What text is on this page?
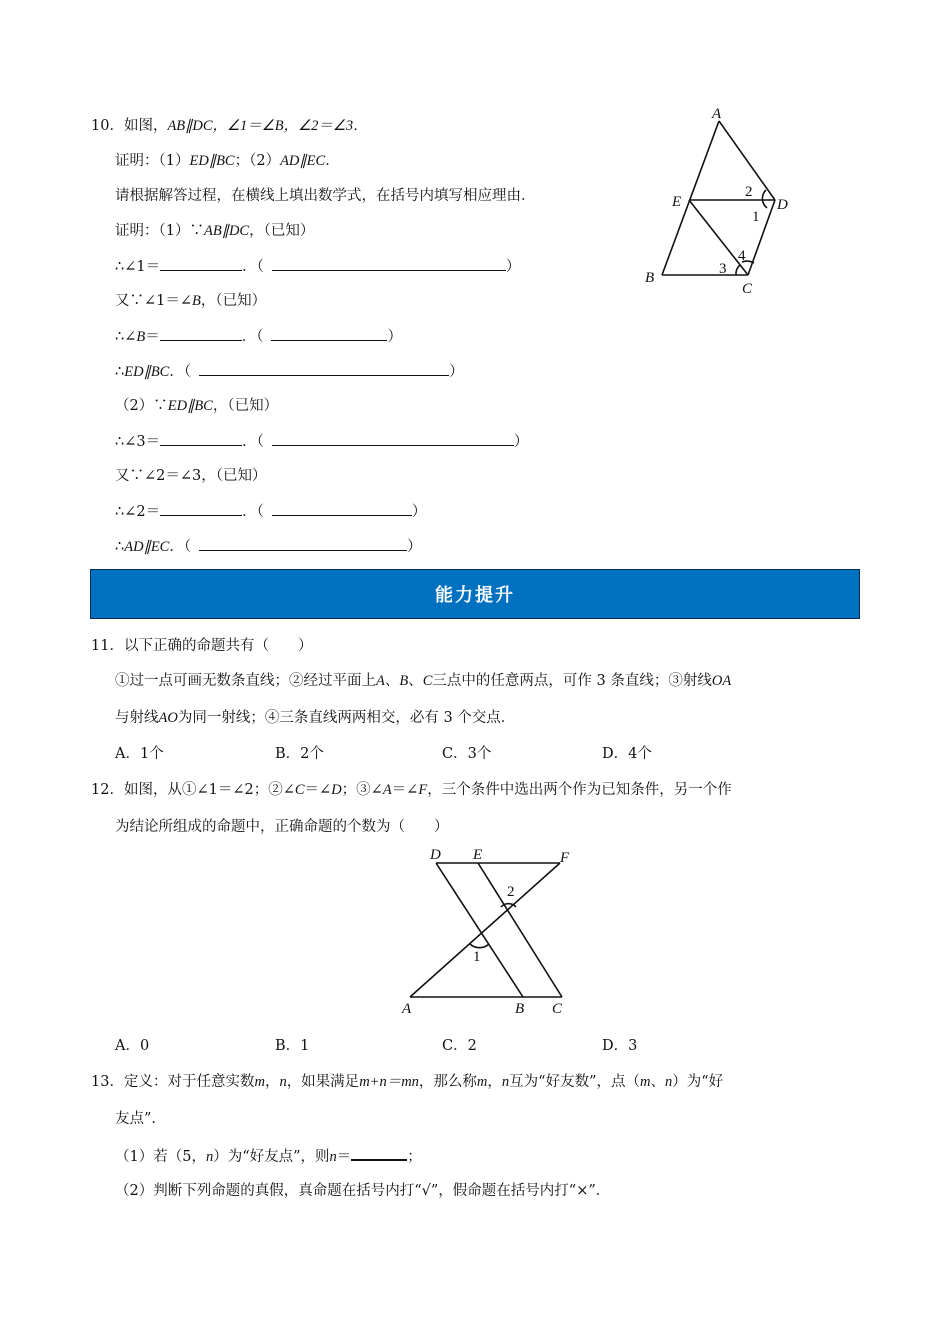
10．如图，AB∥DC，∠1＝∠B，∠2＝∠3．
证明：（1）ED∥BC；（2）AD∥EC．
请根据解答过程，在横线上填出数学式，在括号内填写相应理由．
证明：（1）∵AB∥DC，（已知）
∴∠1＝	．（	）
又∵∠1＝∠B，（已知）
∴∠B＝	．（	）
∴ED∥BC．（	）
（2）∵ED∥BC，（已知）
∴∠3＝	．（	）
又∵∠2＝∠3，（已知）
∴∠2＝	．（	）
∴AD∥EC．（	）
A
E	D
B
C
2
1
4
3
能力提升
11．以下正确的命题共有（　　）
①过一点可画无数条直线；②经过平面上A、B、C三点中的任意两点，可作 3 条直线；③射线OA
与射线AO为同一射线；④三条直线两两相交，必有 3 个交点．
A．1个	B．2个	C．3个	D．4个
12．如图，从①∠1＝∠2；②∠C＝∠D；③∠A＝∠F，三个条件中选出两个作为已知条件，另一个作
为结论所组成的命题中，正确命题的个数为（　　）
D E	F
A	B C
2
1
A．0	B．1	C．2	D．3
13．定义：对于任意实数m，n，如果满足m+n＝mn，那么称m，n互为“好友数”，点（m、n）为“好
友点”．
（1）若（5，n）为“好友点”，则n＝	；
（2）判断下列命题的真假，真命题在括号内打“√”，假命题在括号内打“×”．
